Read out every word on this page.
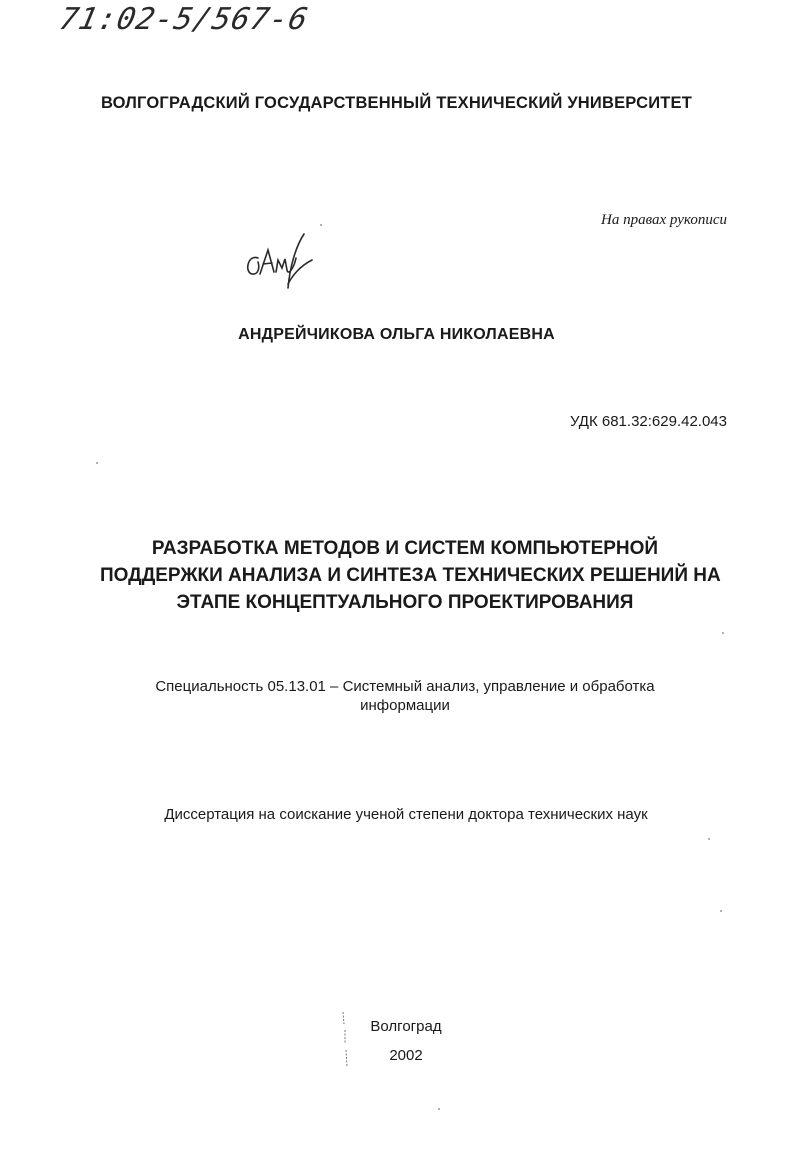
71:02-5/567-6
ВОЛГОГРАДСКИЙ ГОСУДАРСТВЕННЫЙ ТЕХНИЧЕСКИЙ УНИВЕРСИТЕТ
На правах рукописи
АНДРЕЙЧИКОВА ОЛЬГА НИКОЛАЕВНА
УДК 681.32:629.42.043
РАЗРАБОТКА МЕТОДОВ И СИСТЕМ КОМПЬЮТЕРНОЙ
ПОДДЕРЖКИ АНАЛИЗА И СИНТЕЗА ТЕХНИЧЕСКИХ РЕШЕНИЙ НА
ЭТАПЕ КОНЦЕПТУАЛЬНОГО ПРОЕКТИРОВАНИЯ
Специальность 05.13.01 – Системный анализ, управление и обработка
информации
Диссертация на соискание ученой степени доктора технических наук
Волгоград
2002
